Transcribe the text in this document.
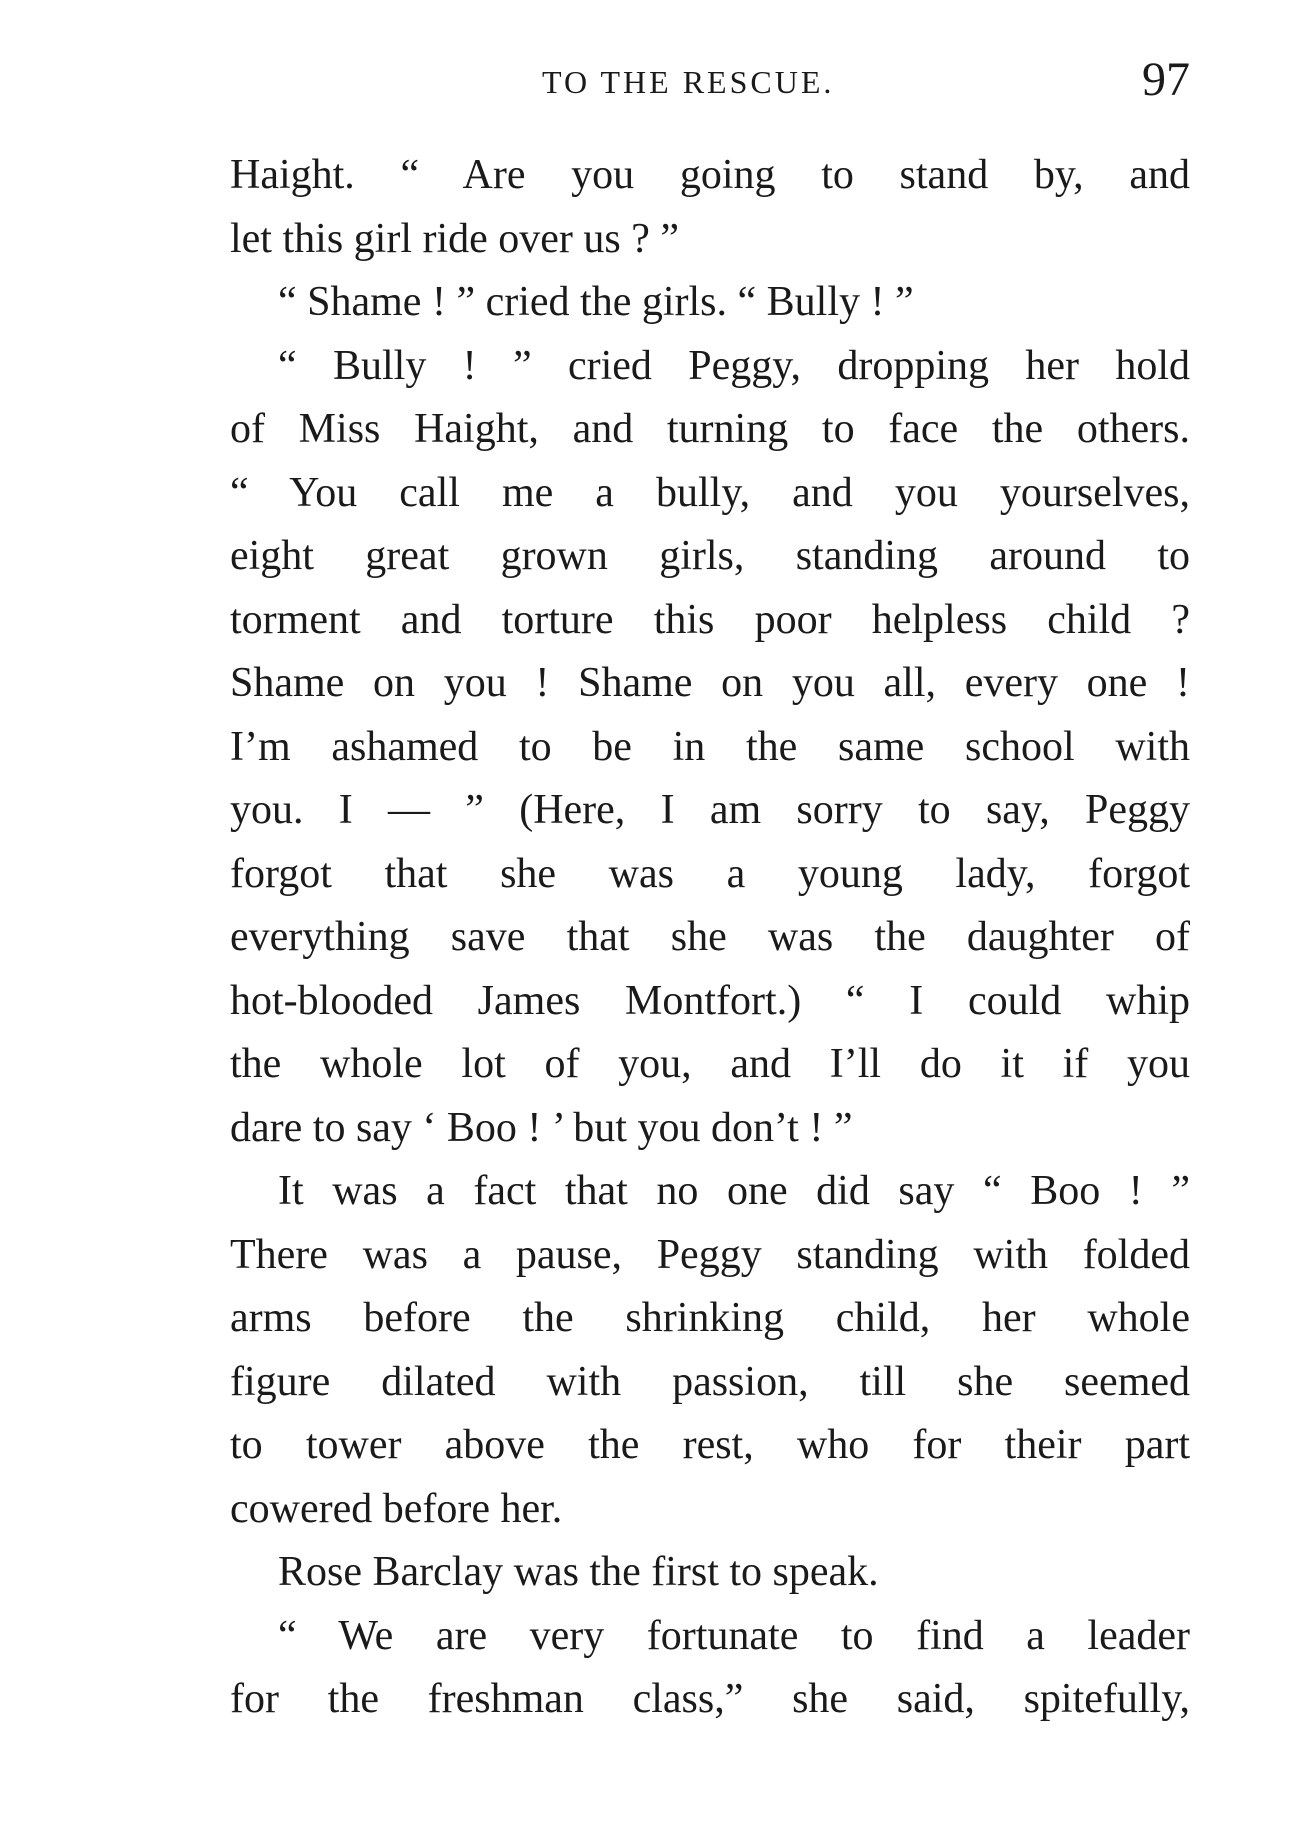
TO THE RESCUE.	97
Haight. “ Are you going to stand by, and
let this girl ride over us ? ”
“ Shame ! ” cried the girls. “ Bully ! ”
“ Bully ! ” cried Peggy, dropping her hold
of Miss Haight, and turning to face the others.
“ You call me a bully, and you yourselves,
eight great grown girls, standing around to
torment and torture this poor helpless child ?
Shame on you ! Shame on you all, every one !
I’m ashamed to be in the same school with
you. I — ” (Here, I am sorry to say, Peggy
forgot that she was a young lady, forgot
everything save that she was the daughter of
hot-blooded James Montfort.) “ I could whip
the whole lot of you, and I’ll do it if you
dare to say ‘ Boo ! ’ but you don’t ! ”
It was a fact that no one did say “ Boo ! ”
There was a pause, Peggy standing with folded
arms before the shrinking child, her whole
figure dilated with passion, till she seemed
to tower above the rest, who for their part
cowered before her.
Rose Barclay was the first to speak.
“ We are very fortunate to find a leader
for the freshman class,” she said, spitefully,
